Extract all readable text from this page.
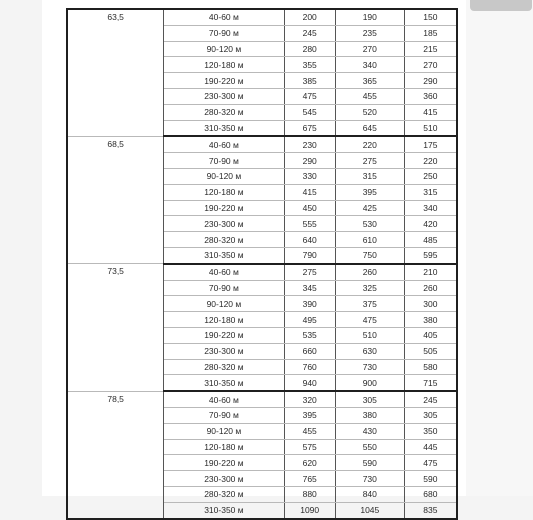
63,5	40-60 м	200	190	150
	70-90 м	245	235	185
	90-120 м	280	270	215
	120-180 м	355	340	270
	190-220 м	385	365	290
	230-300 м	475	455	360
	280-320 м	545	520	415
	310-350 м	675	645	510
68,5	40-60 м	230	220	175
	70-90 м	290	275	220
	90-120 м	330	315	250
	120-180 м	415	395	315
	190-220 м	450	425	340
	230-300 м	555	530	420
	280-320 м	640	610	485
	310-350 м	790	750	595
73,5	40-60 м	275	260	210
	70-90 м	345	325	260
	90-120 м	390	375	300
	120-180 м	495	475	380
	190-220 м	535	510	405
	230-300 м	660	630	505
	280-320 м	760	730	580
	310-350 м	940	900	715
78,5	40-60 м	320	305	245
	70-90 м	395	380	305
	90-120 м	455	430	350
	120-180 м	575	550	445
	190-220 м	620	590	475
	230-300 м	765	730	590
	280-320 м	880	840	680
	310-350 м	1090	1045	835
